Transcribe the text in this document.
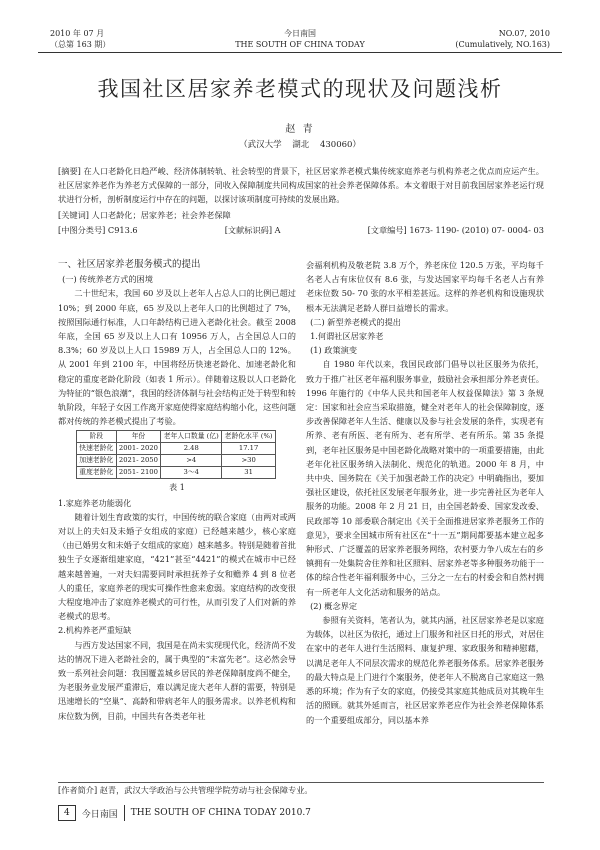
2010 年 07 月
（总第 163 期）
今日南国
THE SOUTH OF CHINA TODAY
NO.07, 2010
(Cumulatively, NO.163)
我国社区居家养老模式的现状及问题浅析
赵 青
（武汉大学 湖北 430060）
[摘要] 在人口老龄化日趋严峻、经济体制转轨、社会转型的背景下，社区居家养老模式集传统家庭养老与机构养老之优点而应运产生。社区居家养老作为养老方式保障的一部分，同收入保障制度共同构成国家的社会养老保障体系。本文着眼于对目前我国居家养老运行现状进行分析，剖析制度运行中存在的问题，以探讨该项制度可持续的发展出路。
[关键词] 人口老龄化；居家养老；社会养老保障
[中图分类号] C913.6	[文献标识码] A	[文章编号] 1673- 1190- (2010) 07- 0004- 03

一、社区居家养老服务模式的提出

(一) 传统养老方式的困境

二十世纪末，我国 60 岁及以上老年人占总人口的比例已超过 10%；到 2000 年底，65 岁及以上老年人口的比例超过了 7%，按照国际通行标准，人口年龄结构已进入老龄化社会。截至 2008 年底，全国 65 岁及以上人口有 10956 万人，占全国总人口的 8.3%；60 岁及以上人口 15989 万人，占全国总人口的 12%。从 2001 年到 2100 年，中国将经历快速老龄化、加速老龄化和稳定的重度老龄化阶段（如表 1 所示）。伴随着这股以人口老龄化为特征的“银色浪潮”，我国的经济体制与社会结构正处于转型和转轨阶段，年轻子女因工作离开家庭使得家庭结构缩小化，这些问题都对传统的养老模式提出了考验。

阶段	年份	老年人口数量 (亿)	老龄化水平 (%)
快速老龄化	2001- 2020	2.48	17.17
加速老龄化	2021- 2050	>4	>30
重度老龄化	2051- 2100	3～4	31

表 1

1.家庭养老功能弱化

随着计划生育政策的实行，中国传统的联合家庭（由两对或两对以上的夫妇及未婚子女组成的家庭）已经越来越少，核心家庭（由已婚男女和未婚子女组成的家庭）越来越多。特别是随着首批独生子女逐渐组建家庭，“421”甚至“4421”的模式在城市中已经越来越普遍，一对夫妇需要同时承担抚养子女和赡养 4 到 8 位老人的重任，家庭养老的现实可操作性愈来愈弱。家庭结构的改变很大程度地冲击了家庭养老模式的可行性，从而引发了人们对新的养老模式的思考。

2.机构养老严重短缺

与西方发达国家不同，我国是在尚未实现现代化，经济尚不发达的情况下进入老龄社会的，属于典型的“未富先老”。这必然会导致一系列社会问题：我国覆盖城乡居民的养老保障制度尚不健全，为老服务业发展严重滞后，难以满足庞大老年人群的需要，特别是迅速增长的“空巢”、高龄和带病老年人的服务需求。以养老机构和床位数为例，目前，中国共有各类老年社

会福利机构及敬老院 3.8 万个，养老床位 120.5 万张，平均每千名老人占有床位仅有 8.6 张，与发达国家平均每千名老人占有养老床位数 50- 70 张的水平相差甚远。这样的养老机构和设施现状根本无法满足老龄人群日益增长的需求。

(二) 新型养老模式的提出

1.何谓社区居家养老

(1) 政策演变

自 1980 年代以来，我国民政部门倡导以社区服务为依托，致力于推广社区老年福利服务事业，鼓励社会承担部分养老责任。1996 年施行的《中华人民共和国老年人权益保障法》第 3 条规定：国家和社会应当采取措施，健全对老年人的社会保障制度，逐步改善保障老年人生活、健康以及参与社会发展的条件，实现老有所养、老有所医、老有所为、老有所学、老有所乐。第 35 条提到，老年社区服务是中国老龄化战略对策中的一项重要措施，由此老年化社区服务纳入法制化、规范化的轨道。2000 年 8 月，中共中央、国务院在《关于加强老龄工作的决定》中明确指出，要加强社区建设，依托社区发展老年服务业，进一步完善社区为老年人服务的功能。2008 年 2 月 21 日，由全国老龄委、国家发改委、民政部等 10 部委联合制定出《关于全面推进居家养老服务工作的意见》，要求全国城市所有社区在“十一五”期间都要基本建立起多种形式、广泛覆盖的居家养老服务网络，农村要力争八成左右的乡镇拥有一处集院舍住养和社区照料、居家养老等多种服务功能于一体的综合性老年福利服务中心，三分之一左右的村委会和自然村拥有一所老年人文化活动和服务的站点。

(2) 概念界定

参照有关资料，笔者认为，就其内涵，社区居家养老是以家庭为载体，以社区为依托，通过上门服务和社区日托的形式，对居住在家中的老年人进行生活照料、康复护理、家政服务和精神慰藉，以满足老年人不同层次需求的规范化养老服务体系。居家养老服务的最大特点是上门进行个案服务，使老年人不脱离自己家庭这一熟悉的环境；作为有子女的家庭，仍接受其家庭其他成员对其晚年生活的照顾。就其外延而言，社区居家养老应作为社会养老保障体系的一个重要组成部分，同以基本养

[作者简介] 赵青，武汉大学政治与公共管理学院劳动与社会保障专业。
4	今日南国 THE SOUTH OF CHINA TODAY 2010.7
